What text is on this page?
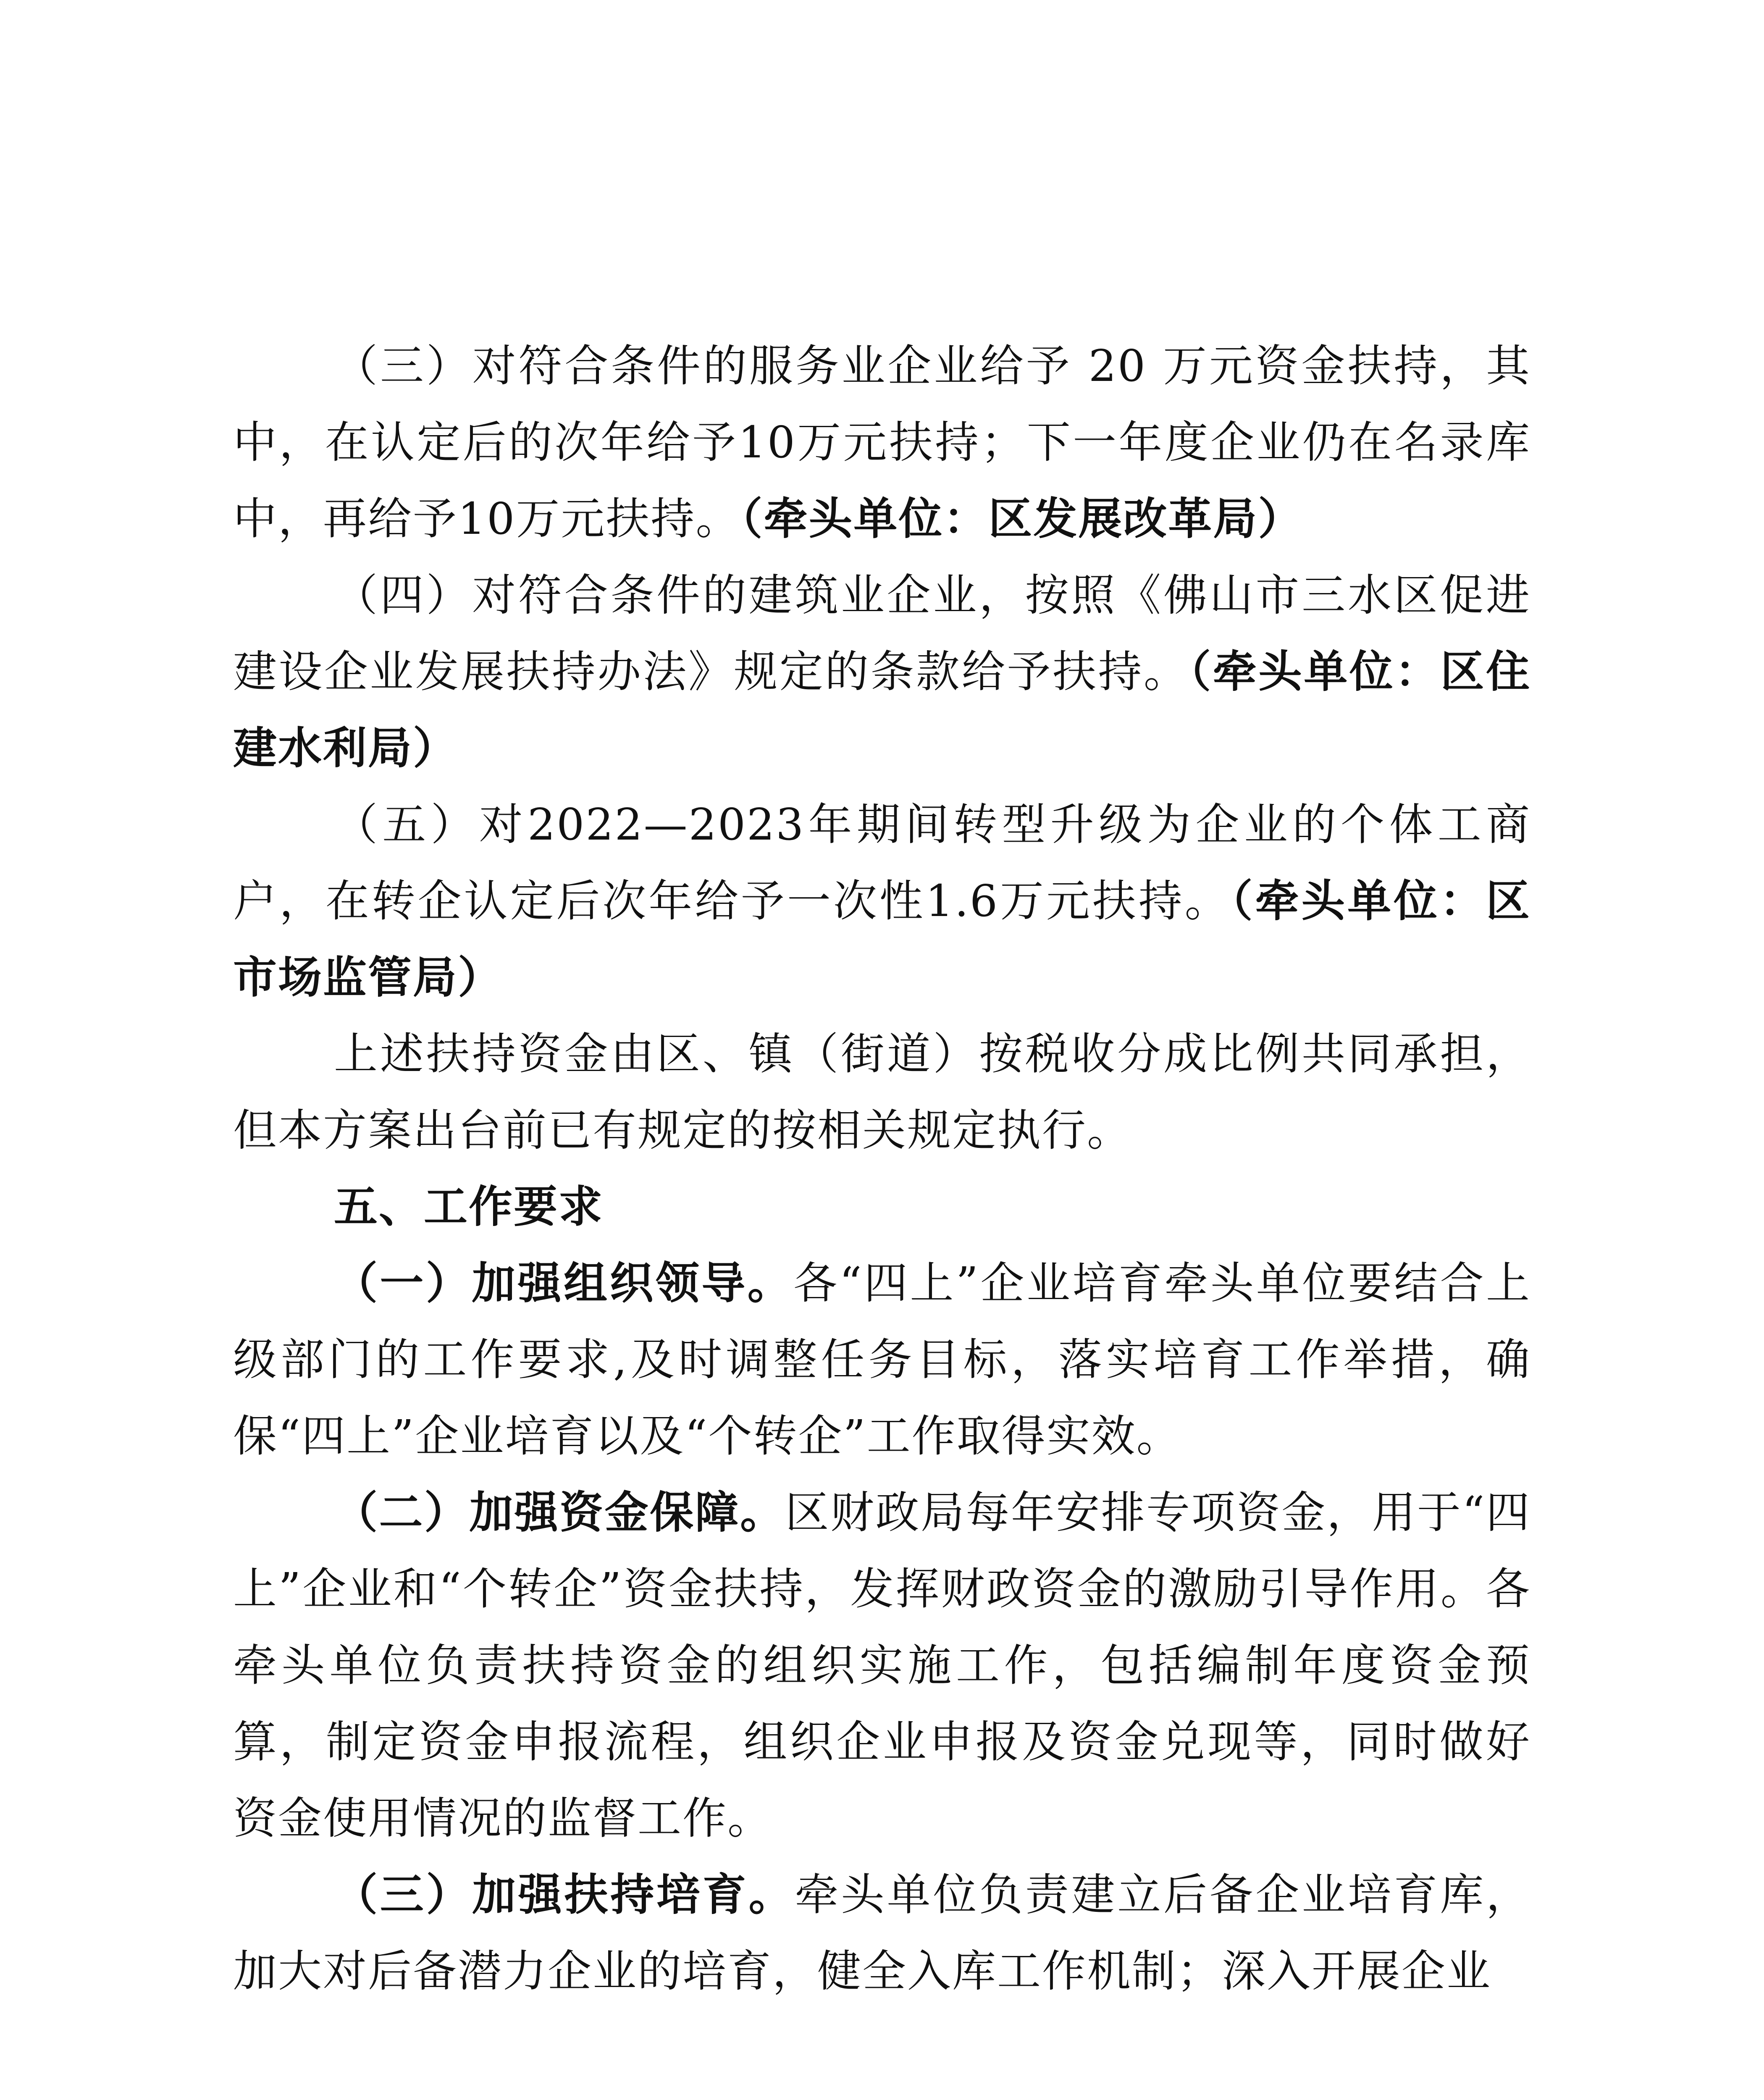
（三）对符合条件的服务业企业给予 20 万元资金扶持，其中，在认定后的次年给予10万元扶持；下一年度企业仍在名录库中，再给予10万元扶持。（牵头单位：区发展改革局）

（四）对符合条件的建筑业企业，按照《佛山市三水区促进建设企业发展扶持办法》规定的条款给予扶持。（牵头单位：区住建水利局）

（五）对2022—2023年期间转型升级为企业的个体工商户，在转企认定后次年给予一次性1.6万元扶持。（牵头单位：区市场监管局）

上述扶持资金由区、镇（街道）按税收分成比例共同承担，但本方案出台前已有规定的按相关规定执行。

五、工作要求

（一）加强组织领导。各“四上”企业培育牵头单位要结合上级部门的工作要求,及时调整任务目标，落实培育工作举措，确保“四上”企业培育以及“个转企”工作取得实效。

（二）加强资金保障。区财政局每年安排专项资金，用于“四上”企业和“个转企”资金扶持，发挥财政资金的激励引导作用。各牵头单位负责扶持资金的组织实施工作，包括编制年度资金预算，制定资金申报流程，组织企业申报及资金兑现等，同时做好资金使用情况的监督工作。

（三）加强扶持培育。牵头单位负责建立后备企业培育库，加大对后备潜力企业的培育，健全入库工作机制；深入开展企业
